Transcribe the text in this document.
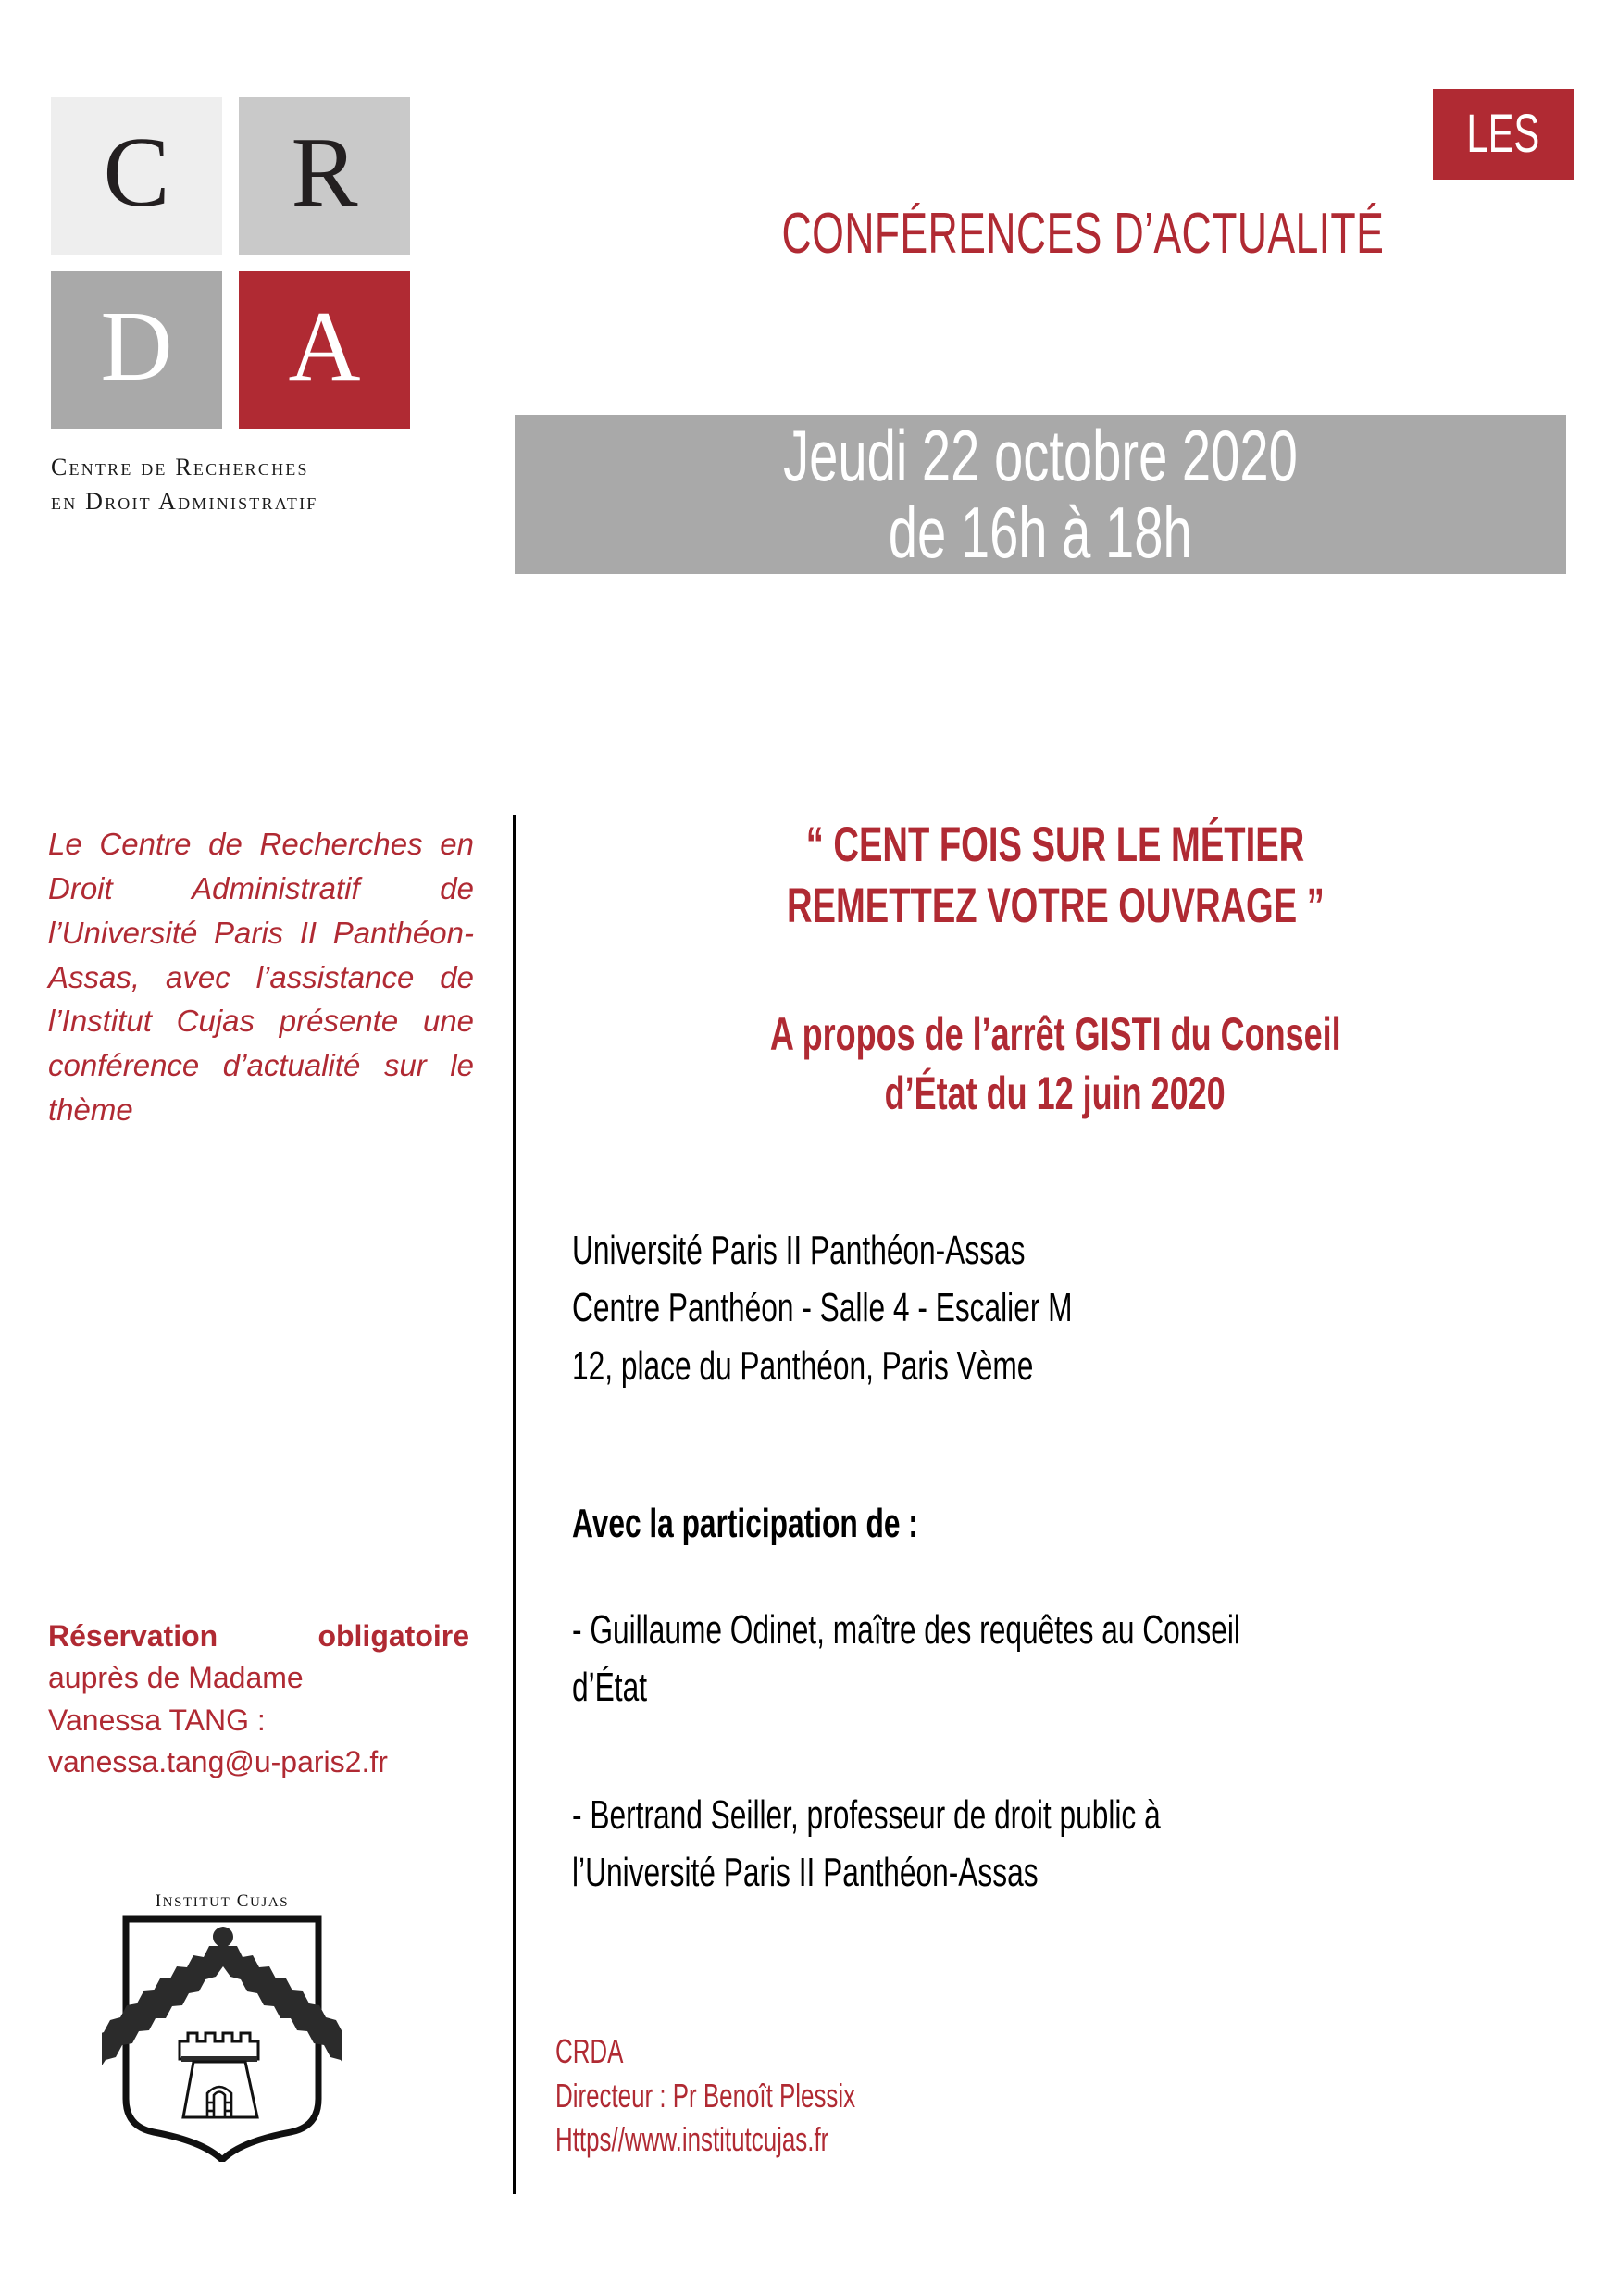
C	R
D	A
Centre de Recherches
en Droit Administratif
LES
CONFÉRENCES D’ACTUALITÉ
Jeudi 22 octobre 2020
de 16h à 18h
Le Centre de Recherches en Droit Administratif de l’Université Paris II Panthéon-Assas, avec l’assistance de l’Institut Cujas présente une conférence d’actualité sur le thème
Réservation obligatoire
auprès de Madame
Vanessa TANG :
vanessa.tang@u-paris2.fr
INSTITUT CUJAS
“ CENT FOIS SUR LE MÉTIER
REMETTEZ VOTRE OUVRAGE ”
A propos de l’arrêt GISTI du Conseil
d’État du 12 juin 2020
Université Paris II Panthéon-Assas
Centre Panthéon - Salle 4 - Escalier M
12, place du Panthéon, Paris Vème
Avec la participation de :
- Guillaume Odinet, maître des requêtes au Conseil d’État
- Bertrand Seiller, professeur de droit public à l’Université Paris II Panthéon-Assas
CRDA
Directeur : Pr Benoît Plessix
Https//www.institutcujas.fr
